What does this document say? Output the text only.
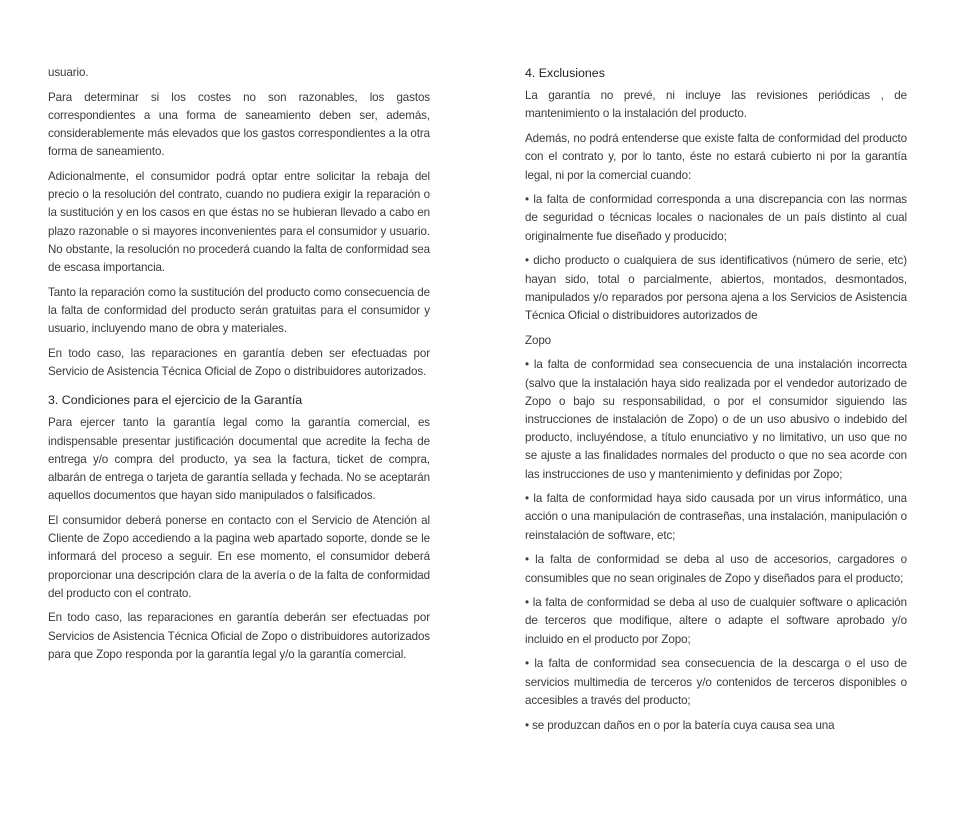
usuario.

Para determinar si los costes no son razonables, los gastos correspondientes a una forma de saneamiento deben ser, además, considerablemente más elevados que los gastos correspondientes a la otra forma de saneamiento.

Adicionalmente, el consumidor podrá optar entre solicitar la rebaja del precio o la resolución del contrato, cuando no pudiera exigir la reparación o la sustitución y en los casos en que éstas no se hubieran llevado a cabo en plazo razonable o si mayores inconvenientes para el consumidor y usuario. No obstante, la resolución no procederá cuando la falta de conformidad sea de escasa importancia.

Tanto la reparación como la sustitución del producto como consecuencia de la falta de conformidad del producto serán gratuitas para el consumidor y usuario, incluyendo mano de obra y materiales.

En todo caso, las reparaciones en garantía deben ser efectuadas por Servicio de Asistencia Técnica Oficial de Zopo o distribuidores autorizados.

3. Condiciones para el ejercicio de la Garantía

Para ejercer tanto la garantía legal como la garantía comercial, es indispensable presentar justificación documental que acredite la fecha de entrega y/o compra del producto, ya sea la factura, ticket de compra, albarán de entrega o tarjeta de garantía sellada y fechada. No se aceptarán aquellos documentos que hayan sido manipulados o falsificados.

El consumidor deberá ponerse en contacto con el Servicio de Atención al Cliente de Zopo accediendo a la pagina web apartado soporte, donde se le informará del proceso a seguir. En ese momento, el consumidor deberá proporcionar una descripción clara de la avería o de la falta de conformidad del producto con el contrato.

En todo caso, las reparaciones en garantía deberán ser efectuadas por Servicios de Asistencia Técnica Oficial de Zopo o distribuidores autorizados para que Zopo responda por la garantía legal y/o la garantía comercial.

4. Exclusiones

La garantía no prevé, ni incluye las revisiones periódicas , de mantenimiento o la instalación del producto.

Además, no podrá entenderse que existe falta de conformidad del producto con el contrato y, por lo tanto, éste no estará cubierto ni por la garantía legal, ni por la comercial cuando:

• la falta de conformidad corresponda a una discrepancia con las normas de seguridad o técnicas locales o nacionales de un país distinto al cual originalmente fue diseñado y producido;

• dicho producto o cualquiera de sus identificativos (número de serie, etc) hayan sido, total o parcialmente, abiertos, montados, desmontados, manipulados y/o reparados por persona ajena a los Servicios de Asistencia Técnica Oficial o distribuidores autorizados de

Zopo

• la falta de conformidad sea consecuencia de una instalación incorrecta (salvo que la instalación haya sido realizada por el vendedor autorizado de Zopo o bajo su responsabilidad, o por el consumidor siguiendo las instrucciones de instalación de Zopo) o de un uso abusivo o indebido del producto, incluyéndose, a título enunciativo y no limitativo, un uso que no se ajuste a las finalidades normales del producto o que no sea acorde con las instrucciones de uso y mantenimiento y definidas por Zopo;

• la falta de conformidad haya sido causada por un virus informático, una acción o una manipulación de contraseñas, una instalación, manipulación o reinstalación de software, etc;

• la falta de conformidad se deba al uso de accesorios, cargadores o consumibles que no sean originales de Zopo y diseñados para el producto;

• la falta de conformidad se deba al uso de cualquier software o aplicación de terceros que modifique, altere o adapte el software aprobado y/o incluido en el producto por Zopo;

• la falta de conformidad sea consecuencia de la descarga o el uso de servicios multimedia de terceros y/o contenidos de terceros disponibles o accesibles a través del producto;

• se produzcan daños en o por la batería cuya causa sea una
